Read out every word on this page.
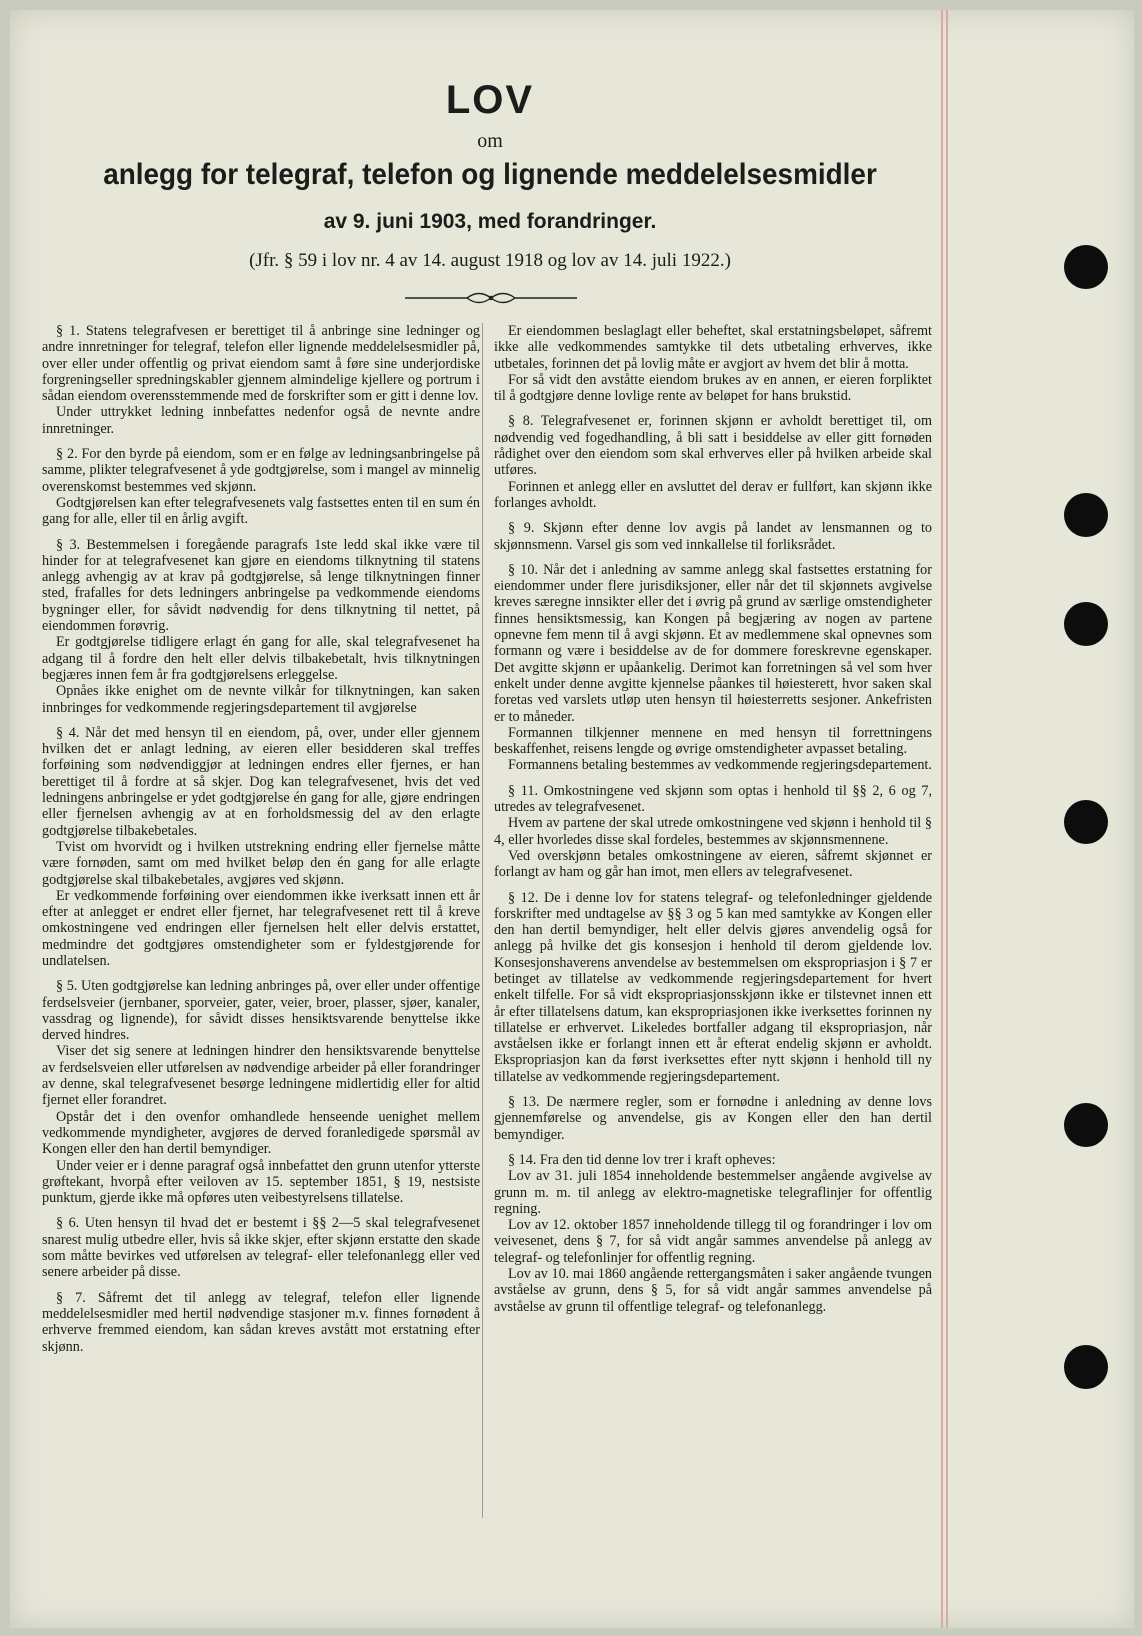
LOV
om
anlegg for telegraf, telefon og lignende meddelelsesmidler
av 9. juni 1903, med forandringer.
(Jfr. § 59 i lov nr. 4 av 14. august 1918 og lov av 14. juli 1922.)

§ 1. Statens telegrafvesen er berettiget til å anbringe sine ledninger og andre innretninger for telegraf, telefon eller lignende meddelelsesmidler på, over eller under offentlig og privat eiendom samt å føre sine underjordiske forgreningseller spredningskabler gjennem almindelige kjellere og portrum i sådan eiendom overensstemmende med de forskrifter som er gitt i denne lov.

Under uttrykket ledning innbefattes nedenfor også de nevnte andre innretninger.

§ 2. For den byrde på eiendom, som er en følge av ledningsanbringelse på samme, plikter telegrafvesenet å yde godtgjørelse, som i mangel av minnelig overenskomst bestemmes ved skjønn.

Godtgjørelsen kan efter telegrafvesenets valg fastsettes enten til en sum én gang for alle, eller til en årlig avgift.

§ 3. Bestemmelsen i foregående paragrafs 1ste ledd skal ikke være til hinder for at telegrafvesenet kan gjøre en eiendoms tilknytning til statens anlegg avhengig av at krav på godtgjørelse, så lenge tilknytningen finner sted, frafalles for dets ledningers anbringelse pa vedkommende eiendoms bygninger eller, for såvidt nødvendig for dens tilknytning til nettet, på eiendommen forøvrig.

Er godtgjørelse tidligere erlagt én gang for alle, skal telegrafvesenet ha adgang til å fordre den helt eller delvis tilbakebetalt, hvis tilknytningen begjæres innen fem år fra godtgjørelsens erleggelse.

Opnåes ikke enighet om de nevnte vilkår for tilknytningen, kan saken innbringes for vedkommende regjeringsdepartement til avgjørelse

§ 4. Når det med hensyn til en eiendom, på, over, under eller gjennem hvilken det er anlagt ledning, av eieren eller besidderen skal treffes forføining som nødvendiggjør at ledningen endres eller fjernes, er han berettiget til å fordre at så skjer. Dog kan telegrafvesenet, hvis det ved ledningens anbringelse er ydet godtgjørelse én gang for alle, gjøre endringen eller fjernelsen avhengig av at en forholdsmessig del av den erlagte godtgjørelse tilbakebetales.

Tvist om hvorvidt og i hvilken utstrekning endring eller fjernelse måtte være fornøden, samt om med hvilket beløp den én gang for alle erlagte godtgjørelse skal tilbakebetales, avgjøres ved skjønn.

Er vedkommende forføining over eiendommen ikke iverksatt innen ett år efter at anlegget er endret eller fjernet, har telegrafvesenet rett til å kreve omkostningene ved endringen eller fjernelsen helt eller delvis erstattet, medmindre det godtgjøres omstendigheter som er fyldestgjørende for undlatelsen.

§ 5. Uten godtgjørelse kan ledning anbringes på, over eller under offentige ferdselsveier (jernbaner, sporveier, gater, veier, broer, plasser, sjøer, kanaler, vassdrag og lignende), for såvidt disses hensiktsvarende benyttelse ikke derved hindres.

Viser det sig senere at ledningen hindrer den hensiktsvarende benyttelse av ferdselsveien eller utførelsen av nødvendige arbeider på eller forandringer av denne, skal telegrafvesenet besørge ledningene midlertidig eller for altid fjernet eller forandret.

Opstår det i den ovenfor omhandlede henseende uenighet mellem vedkommende myndigheter, avgjøres de derved foranledigede spørsmål av Kongen eller den han dertil bemyndiger.

Under veier er i denne paragraf også innbefattet den grunn utenfor ytterste grøftekant, hvorpå efter veiloven av 15. september 1851, § 19, nestsiste punktum, gjerde ikke må opføres uten veibestyrelsens tillatelse.

§ 6. Uten hensyn til hvad det er bestemt i §§ 2—5 skal telegrafvesenet snarest mulig utbedre eller, hvis så ikke skjer, efter skjønn erstatte den skade som måtte bevirkes ved utførelsen av telegraf- eller telefonanlegg eller ved senere arbeider på disse.

§ 7. Såfremt det til anlegg av telegraf, telefon eller lignende meddelelsesmidler med hertil nødvendige stasjoner m.v. finnes fornødent å erhverve fremmed eiendom, kan sådan kreves avstått mot erstatning efter skjønn.

Er eiendommen beslaglagt eller beheftet, skal erstatningsbeløpet, såfremt ikke alle vedkommendes samtykke til dets utbetaling erhverves, ikke utbetales, forinnen det på lovlig måte er avgjort av hvem det blir å motta.

For så vidt den avståtte eiendom brukes av en annen, er eieren forpliktet til å godtgjøre denne lovlige rente av beløpet for hans brukstid.

§ 8. Telegrafvesenet er, forinnen skjønn er avholdt berettiget til, om nødvendig ved fogedhandling, å bli satt i besiddelse av eller gitt fornøden rådighet over den eiendom som skal erhverves eller på hvilken arbeide skal utføres.

Forinnen et anlegg eller en avsluttet del derav er fullført, kan skjønn ikke forlanges avholdt.

§ 9. Skjønn efter denne lov avgis på landet av lensmannen og to skjønnsmenn. Varsel gis som ved innkallelse til forliksrådet.

§ 10. Når det i anledning av samme anlegg skal fastsettes erstatning for eiendommer under flere jurisdiksjoner, eller når det til skjønnets avgivelse kreves særegne innsikter eller det i øvrig på grund av særlige omstendigheter finnes hensiktsmessig, kan Kongen på begjæring av nogen av partene opnevne fem menn til å avgi skjønn. Et av medlemmene skal opnevnes som formann og være i besiddelse av de for dommere foreskrevne egenskaper. Det avgitte skjønn er upåankelig. Derimot kan forretningen så vel som hver enkelt under denne avgitte kjennelse påankes til høiesterett, hvor saken skal foretas ved varslets utløp uten hensyn til høiesterretts sesjoner. Ankefristen er to måneder.

Formannen tilkjenner mennene en med hensyn til forrettningens beskaffenhet, reisens lengde og øvrige omstendigheter avpasset betaling.

Formannens betaling bestemmes av vedkommende regjeringsdepartement.

§ 11. Omkostningene ved skjønn som optas i henhold til §§ 2, 6 og 7, utredes av telegrafvesenet.

Hvem av partene der skal utrede omkostningene ved skjønn i henhold til § 4, eller hvorledes disse skal fordeles, bestemmes av skjønnsmennene.

Ved overskjønn betales omkostningene av eieren, såfremt skjønnet er forlangt av ham og går han imot, men ellers av telegrafvesenet.

§ 12. De i denne lov for statens telegraf- og telefonledninger gjeldende forskrifter med undtagelse av §§ 3 og 5 kan med samtykke av Kongen eller den han dertil bemyndiger, helt eller delvis gjøres anvendelig også for anlegg på hvilke det gis konsesjon i henhold til derom gjeldende lov. Konsesjonshaverens anvendelse av bestemmelsen om ekspropriasjon i § 7 er betinget av tillatelse av vedkommende regjeringsdepartement for hvert enkelt tilfelle. For så vidt ekspropriasjonsskjønn ikke er tilstevnet innen ett år efter tillatelsens datum, kan ekspropriasjonen ikke iverksettes forinnen ny tillatelse er erhvervet. Likeledes bortfaller adgang til ekspropriasjon, når avståelsen ikke er forlangt innen ett år efterat endelig skjønn er avholdt. Ekspropriasjon kan da først iverksettes efter nytt skjønn i henhold till ny tillatelse av vedkommende regjeringsdepartement.

§ 13. De nærmere regler, som er fornødne i anledning av denne lovs gjennemførelse og anvendelse, gis av Kongen eller den han dertil bemyndiger.

§ 14. Fra den tid denne lov trer i kraft opheves:

Lov av 31. juli 1854 inneholdende bestemmelser angående avgivelse av grunn m. m. til anlegg av elektro-magnetiske telegraflinjer for offentlig regning.

Lov av 12. oktober 1857 inneholdende tillegg til og forandringer i lov om veivesenet, dens § 7, for så vidt angår sammes anvendelse på anlegg av telegraf- og telefonlinjer for offentlig regning.

Lov av 10. mai 1860 angående rettergangsmåten i saker angående tvungen avståelse av grunn, dens § 5, for så vidt angår sammes anvendelse på avståelse av grunn til offentlige telegraf- og telefonanlegg.
